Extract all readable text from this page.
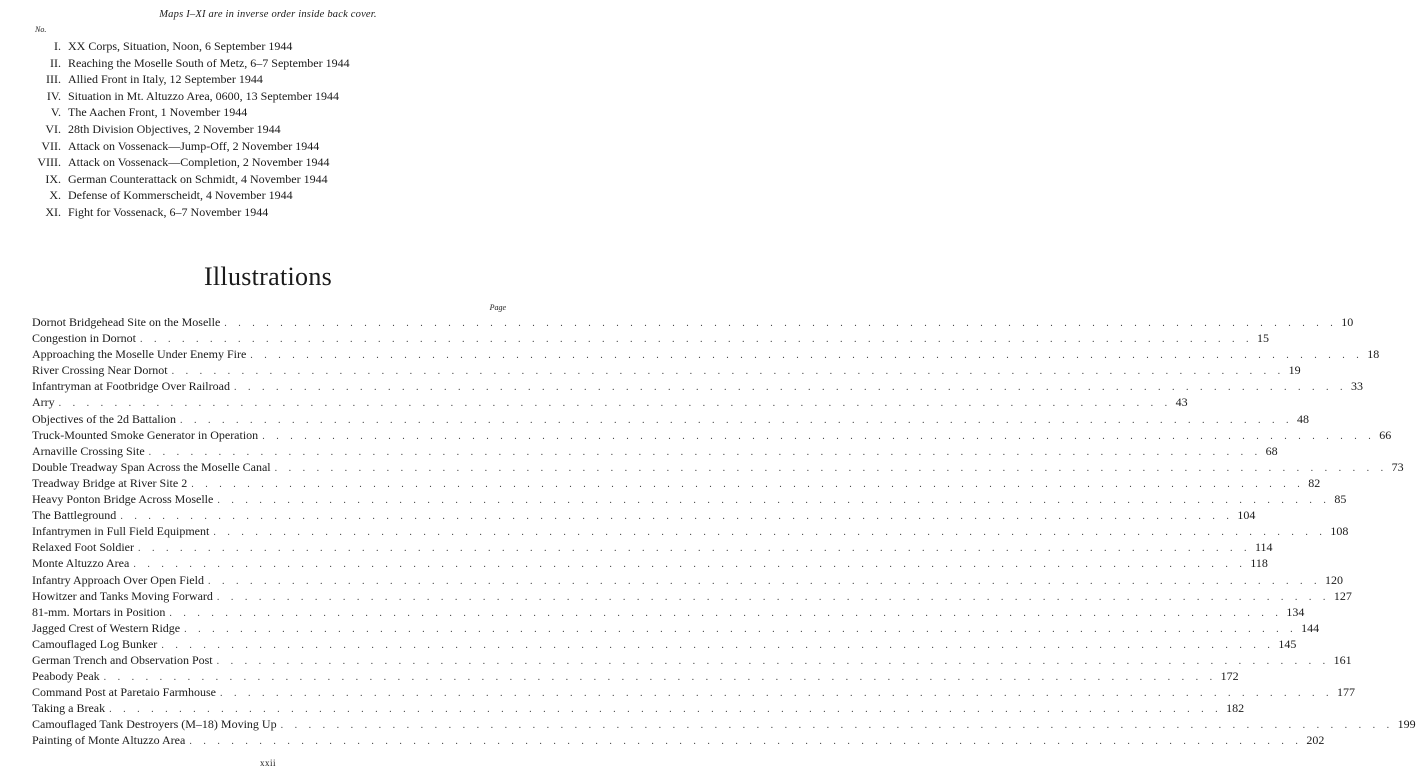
Maps I–XI are in inverse order inside back cover.
No.
I. XX Corps, Situation, Noon, 6 September 1944
II. Reaching the Moselle South of Metz, 6–7 September 1944
III. Allied Front in Italy, 12 September 1944
IV. Situation in Mt. Altuzzo Area, 0600, 13 September 1944
V. The Aachen Front, 1 November 1944
VI. 28th Division Objectives, 2 November 1944
VII. Attack on Vossenack—Jump-Off, 2 November 1944
VIII. Attack on Vossenack—Completion, 2 November 1944
IX. German Counterattack on Schmidt, 4 November 1944
X. Defense of Kommerscheidt, 4 November 1944
XI. Fight for Vossenack, 6–7 November 1944
Illustrations
Page
Dornot Bridgehead Site on the Moselle . . . . . . . . . . . . . . . . . . . . . . . . . . . . . . . . . . . . . . . . . . . . . . . . . . . . . . . . . . . . . . . . . . . . . . . . . . . . . . . . 10
Congestion in Dornot . . . . . . . . . . . . . . . . . . . . . . . . . . . . . . . . . . . . . . . . . . . . . . . . . . . . . . . . . . . . . . . . . . . . . . . . . . . . . . . . 15
Approaching the Moselle Under Enemy Fire . . . . . . . . . . . . . . . . . . . . . . . . . . . . . . . . . . . . . . . . . . . . . . . . . . . . . . . . . . . . . . . . . . . . . . . . . . . . . . . . 18
River Crossing Near Dornot . . . . . . . . . . . . . . . . . . . . . . . . . . . . . . . . . . . . . . . . . . . . . . . . . . . . . . . . . . . . . . . . . . . . . . . . . . . . . . . . 19
Infantryman at Footbridge Over Railroad . . . . . . . . . . . . . . . . . . . . . . . . . . . . . . . . . . . . . . . . . . . . . . . . . . . . . . . . . . . . . . . . . . . . . . . . . . . . . . . . 33
Arry . . . . . . . . . . . . . . . . . . . . . . . . . . . . . . . . . . . . . . . . . . . . . . . . . . . . . . . . . . . . . . . . . . . . . . . . . . . . . . . . 43
Objectives of the 2d Battalion . . . . . . . . . . . . . . . . . . . . . . . . . . . . . . . . . . . . . . . . . . . . . . . . . . . . . . . . . . . . . . . . . . . . . . . . . . . . . . . . 48
Truck-Mounted Smoke Generator in Operation . . . . . . . . . . . . . . . . . . . . . . . . . . . . . . . . . . . . . . . . . . . . . . . . . . . . . . . . . . . . . . . . . . . . . . . . . . . . . . . . 66
Arnaville Crossing Site . . . . . . . . . . . . . . . . . . . . . . . . . . . . . . . . . . . . . . . . . . . . . . . . . . . . . . . . . . . . . . . . . . . . . . . . . . . . . . . . 68
Double Treadway Span Across the Moselle Canal . . . . . . . . . . . . . . . . . . . . . . . . . . . . . . . . . . . . . . . . . . . . . . . . . . . . . . . . . . . . . . . . . . . . . . . . . . . . . . . . 73
Treadway Bridge at River Site 2 . . . . . . . . . . . . . . . . . . . . . . . . . . . . . . . . . . . . . . . . . . . . . . . . . . . . . . . . . . . . . . . . . . . . . . . . . . . . . . . . 82
Heavy Ponton Bridge Across Moselle . . . . . . . . . . . . . . . . . . . . . . . . . . . . . . . . . . . . . . . . . . . . . . . . . . . . . . . . . . . . . . . . . . . . . . . . . . . . . . . . 85
The Battleground . . . . . . . . . . . . . . . . . . . . . . . . . . . . . . . . . . . . . . . . . . . . . . . . . . . . . . . . . . . . . . . . . . . . . . . . . . . . . . . . 104
Infantrymen in Full Field Equipment . . . . . . . . . . . . . . . . . . . . . . . . . . . . . . . . . . . . . . . . . . . . . . . . . . . . . . . . . . . . . . . . . . . . . . . . . . . . . . . . 108
Relaxed Foot Soldier . . . . . . . . . . . . . . . . . . . . . . . . . . . . . . . . . . . . . . . . . . . . . . . . . . . . . . . . . . . . . . . . . . . . . . . . . . . . . . . . 114
Monte Altuzzo Area . . . . . . . . . . . . . . . . . . . . . . . . . . . . . . . . . . . . . . . . . . . . . . . . . . . . . . . . . . . . . . . . . . . . . . . . . . . . . . . . 118
Infantry Approach Over Open Field . . . . . . . . . . . . . . . . . . . . . . . . . . . . . . . . . . . . . . . . . . . . . . . . . . . . . . . . . . . . . . . . . . . . . . . . . . . . . . . . 120
Howitzer and Tanks Moving Forward . . . . . . . . . . . . . . . . . . . . . . . . . . . . . . . . . . . . . . . . . . . . . . . . . . . . . . . . . . . . . . . . . . . . . . . . . . . . . . . . 127
81-mm. Mortars in Position . . . . . . . . . . . . . . . . . . . . . . . . . . . . . . . . . . . . . . . . . . . . . . . . . . . . . . . . . . . . . . . . . . . . . . . . . . . . . . . . 134
Jagged Crest of Western Ridge . . . . . . . . . . . . . . . . . . . . . . . . . . . . . . . . . . . . . . . . . . . . . . . . . . . . . . . . . . . . . . . . . . . . . . . . . . . . . . . . 144
Camouflaged Log Bunker . . . . . . . . . . . . . . . . . . . . . . . . . . . . . . . . . . . . . . . . . . . . . . . . . . . . . . . . . . . . . . . . . . . . . . . . . . . . . . . . 145
German Trench and Observation Post . . . . . . . . . . . . . . . . . . . . . . . . . . . . . . . . . . . . . . . . . . . . . . . . . . . . . . . . . . . . . . . . . . . . . . . . . . . . . . . . 161
Peabody Peak . . . . . . . . . . . . . . . . . . . . . . . . . . . . . . . . . . . . . . . . . . . . . . . . . . . . . . . . . . . . . . . . . . . . . . . . . . . . . . . . 172
Command Post at Paretaio Farmhouse . . . . . . . . . . . . . . . . . . . . . . . . . . . . . . . . . . . . . . . . . . . . . . . . . . . . . . . . . . . . . . . . . . . . . . . . . . . . . . . . 177
Taking a Break . . . . . . . . . . . . . . . . . . . . . . . . . . . . . . . . . . . . . . . . . . . . . . . . . . . . . . . . . . . . . . . . . . . . . . . . . . . . . . . . 182
Camouflaged Tank Destroyers (M–18) Moving Up . . . . . . . . . . . . . . . . . . . . . . . . . . . . . . . . . . . . . . . . . . . . . . . . . . . . . . . . . . . . . . . . . . . . . . . . . . . . . . . . 199
Painting of Monte Altuzzo Area . . . . . . . . . . . . . . . . . . . . . . . . . . . . . . . . . . . . . . . . . . . . . . . . . . . . . . . . . . . . . . . . . . . . . . . . . . . . . . . . 202
xxii
